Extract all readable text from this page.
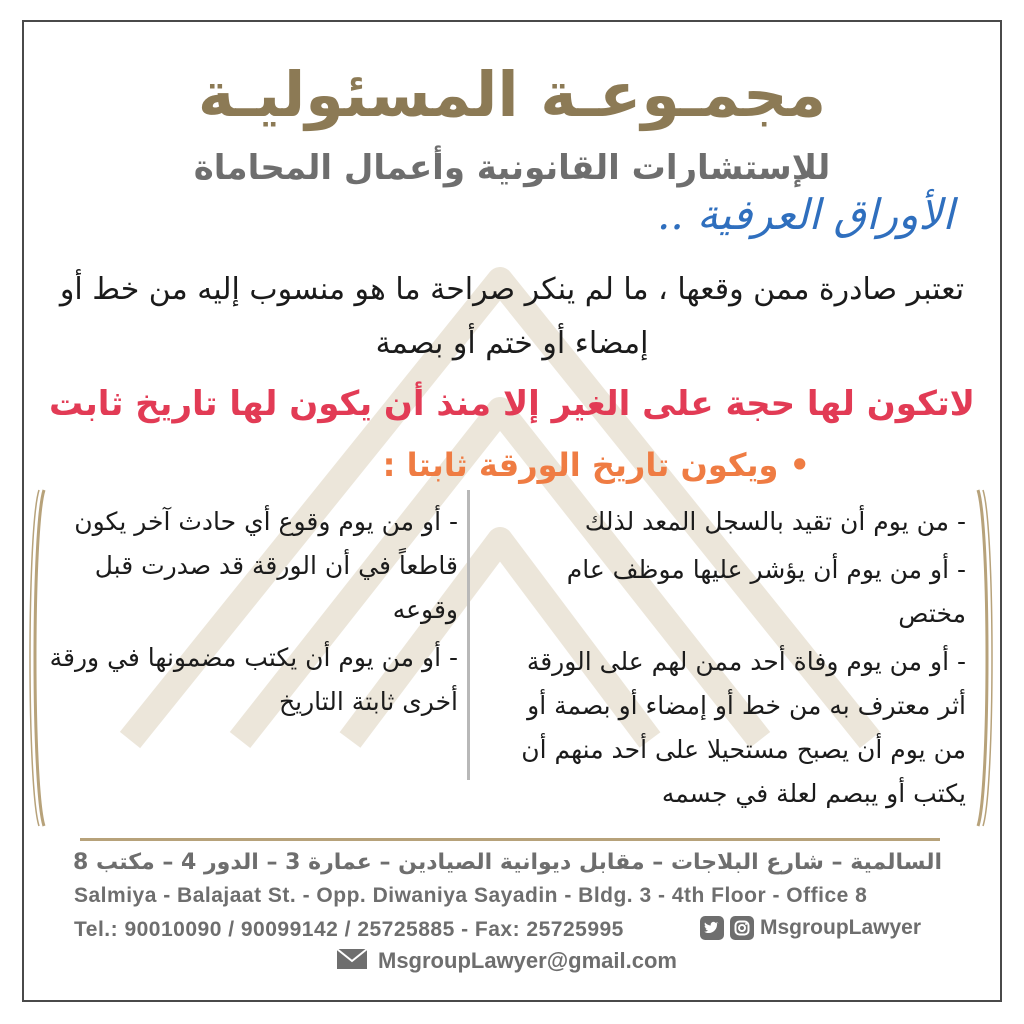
مجمـوعـة المسئوليـة
للإستشارات القانونية وأعمال المحاماة
الأوراق العرفية ..
تعتبر صادرة ممن وقعها ، ما لم ينكر صراحة ما هو منسوب إليه من خط أو
إمضاء أو ختم أو بصمة
لاتكون لها حجة على الغير إلا منذ أن يكون لها تاريخ ثابت
• ويكون تاريخ الورقة ثابتا :

- من يوم أن تقيد بالسجل المعد لذلك

- أو من يوم أن يؤشر عليها موظف عام مختص

- أو من يوم وفاة أحد ممن لهم على الورقة أثر معترف به من خط أو إمضاء أو بصمة أو من يوم أن يصبح مستحيلا على أحد منهم أن يكتب أو يبصم لعلة في جسمه

- أو من يوم وقوع أي حادث آخر يكون قاطعاً في أن الورقة قد صدرت قبل وقوعه

- أو من يوم أن يكتب مضمونها في ورقة أخرى ثابتة التاريخ

السالمية – شارع البلاجات – مقابل ديوانية الصيادين – عمارة 3 – الدور 4 – مكتب 8
Salmiya - Balajaat St. - Opp. Diwaniya Sayadin - Bldg. 3 - 4th Floor - Office 8
Tel.: 90010090 / 90099142 / 25725885 - Fax: 25725995	MsgroupLawyer
MsgroupLawyer@gmail.com
